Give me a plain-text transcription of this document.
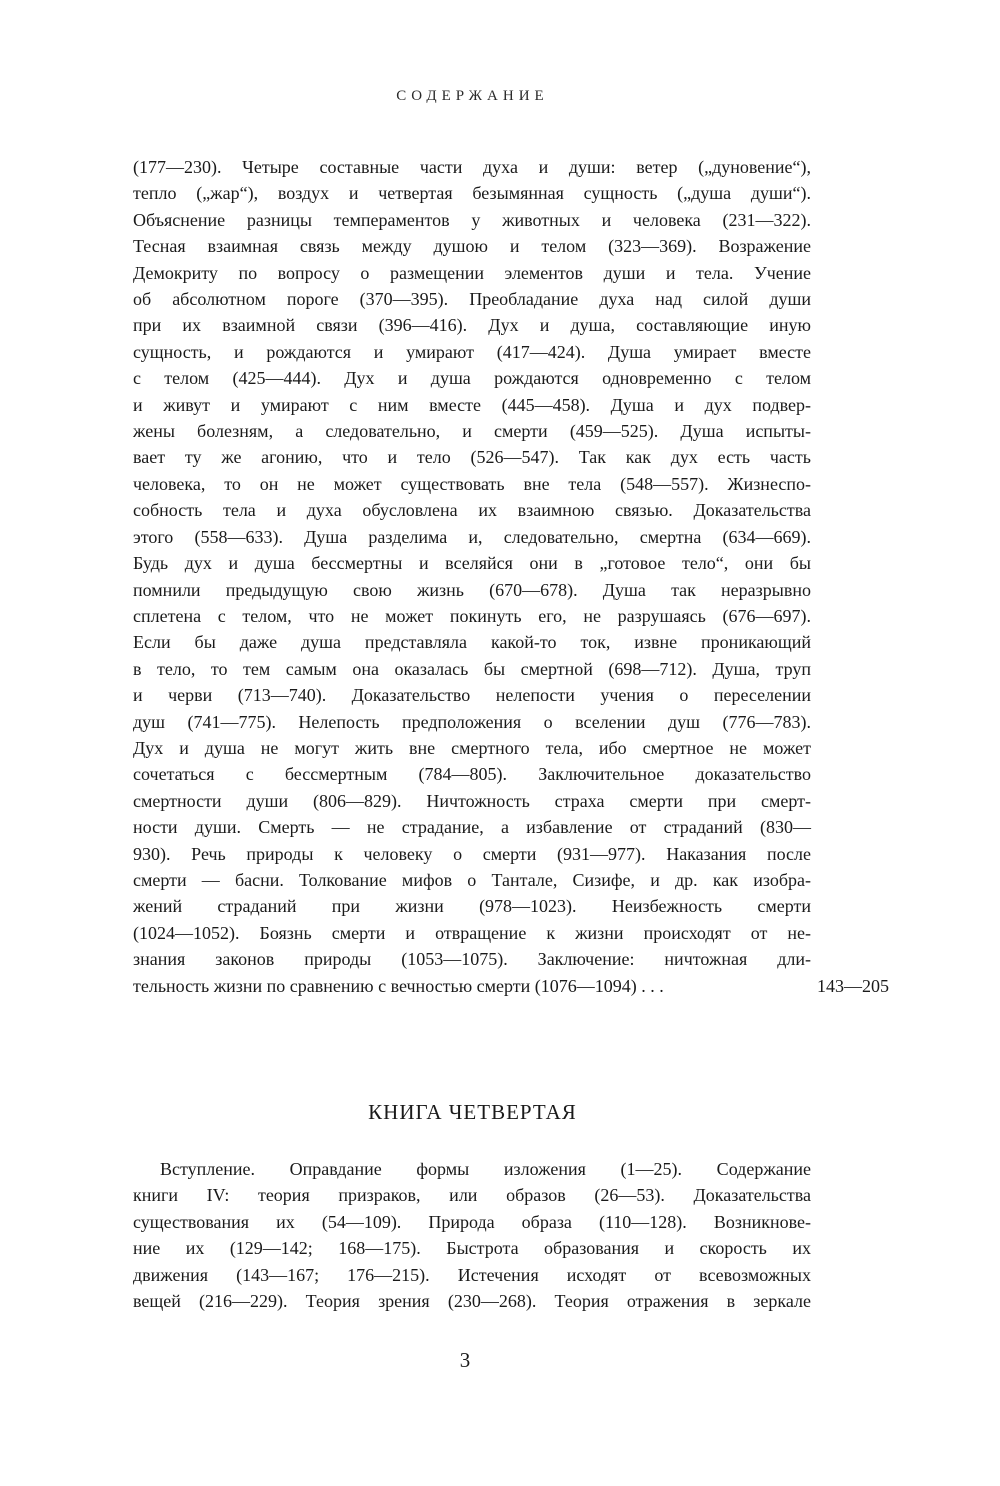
СОДЕРЖАНИЕ
(177—230). Четыре составные части духа и души: ветер („дуновение“),
тепло („жар“), воздух и четвертая безымянная сущность („душа души“).
Объяснение разницы темпераментов у животных и человека (231—322).
Тесная взаимная связь между душою и телом (323—369). Возражение
Демокриту по вопросу о размещении элементов души и тела. Учение
об абсолютном пороге (370—395). Преобладание духа над силой души
при их взаимной связи (396—416). Дух и душа, составляющие иную
сущность, и рождаются и умирают (417—424). Душа умирает вместе
с телом (425—444). Дух и душа рождаются одновременно с телом
и живут и умирают с ним вместе (445—458). Душа и дух подвер-
жены болезням, а следовательно, и смерти (459—525). Душа испыты-
вает ту же агонию, что и тело (526—547). Так как дух есть часть
человека, то он не может существовать вне тела (548—557). Жизнеспо-
собность тела и духа обусловлена их взаимною связью. Доказательства
этого (558—633). Душа разделима и, следовательно, смертна (634—669).
Будь дух и душа бессмертны и вселяйся они в „готовое тело“, они бы
помнили предыдущую свою жизнь (670—678). Душа так неразрывно
сплетена с телом, что не может покинуть его, не разрушаясь (676—697).
Если бы даже душа представляла какой-то ток, извне проникающий
в тело, то тем самым она оказалась бы смертной (698—712). Душа, труп
и черви (713—740). Доказательство нелепости учения о переселении
душ (741—775). Нелепость предположения о вселении душ (776—783).
Дух и душа не могут жить вне смертного тела, ибо смертное не может
сочетаться с бессмертным (784—805). Заключительное доказательство
смертности души (806—829). Ничтожность страха смерти при смерт-
ности души. Смерть — не страдание, а избавление от страданий (830—
930). Речь природы к человеку о смерти (931—977). Наказания после
смерти — басни. Толкование мифов о Тантале, Сизифе, и др. как изобра-
жений страданий при жизни (978—1023). Неизбежность смерти
(1024—1052). Боязнь смерти и отвращение к жизни происходят от не-
знания законов природы (1053—1075). Заключение: ничтожная дли-
тельность жизни по сравнению с вечностью смерти (1076—1094) . . .	143—205
КНИГА ЧЕТВЕРТАЯ
Вступление. Оправдание формы изложения (1—25). Содержание
книги IV: теория призраков, или образов (26—53). Доказательства
существования их (54—109). Природа образа (110—128). Возникнове-
ние их (129—142; 168—175). Быстрота образования и скорость их
движения (143—167; 176—215). Истечения исходят от всевозможных
вещей (216—229). Теория зрения (230—268). Теория отражения в зеркале
3
